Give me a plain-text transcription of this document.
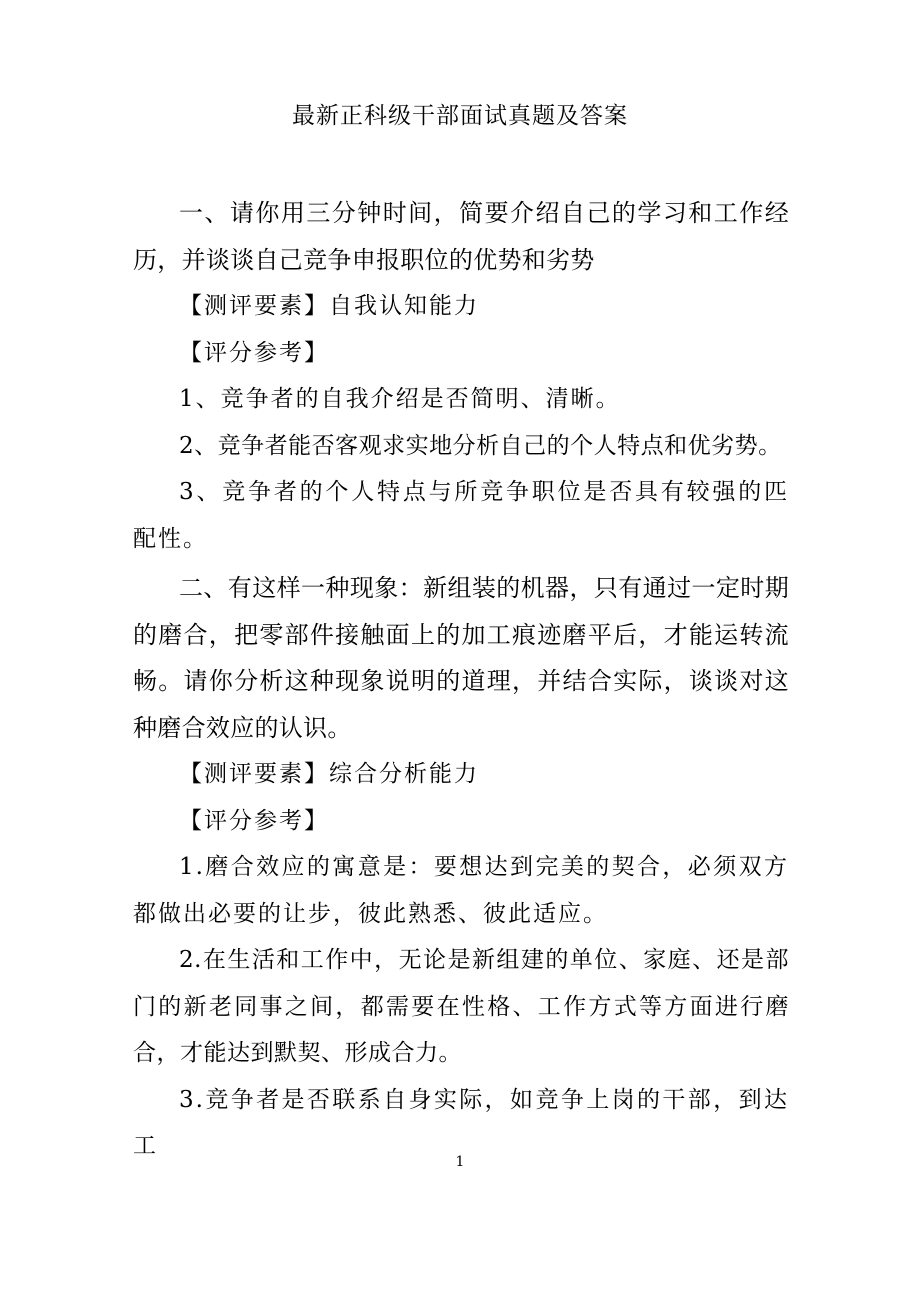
最新正科级干部面试真题及答案

一、请你用三分钟时间，简要介绍自己的学习和工作经历，并谈谈自己竞争申报职位的优势和劣势

【测评要素】自我认知能力

【评分参考】

1、竞争者的自我介绍是否简明、清晰。

2、竞争者能否客观求实地分析自己的个人特点和优劣势。

3、竞争者的个人特点与所竞争职位是否具有较强的匹配性。

二、有这样一种现象：新组装的机器，只有通过一定时期的磨合，把零部件接触面上的加工痕迹磨平后，才能运转流畅。请你分析这种现象说明的道理，并结合实际，谈谈对这种磨合效应的认识。

【测评要素】综合分析能力

【评分参考】

1.磨合效应的寓意是：要想达到完美的契合，必须双方都做出必要的让步，彼此熟悉、彼此适应。

2.在生活和工作中，无论是新组建的单位、家庭、还是部门的新老同事之间，都需要在性格、工作方式等方面进行磨合，才能达到默契、形成合力。

3.竞争者是否联系自身实际，如竞争上岗的干部，到达工

1
